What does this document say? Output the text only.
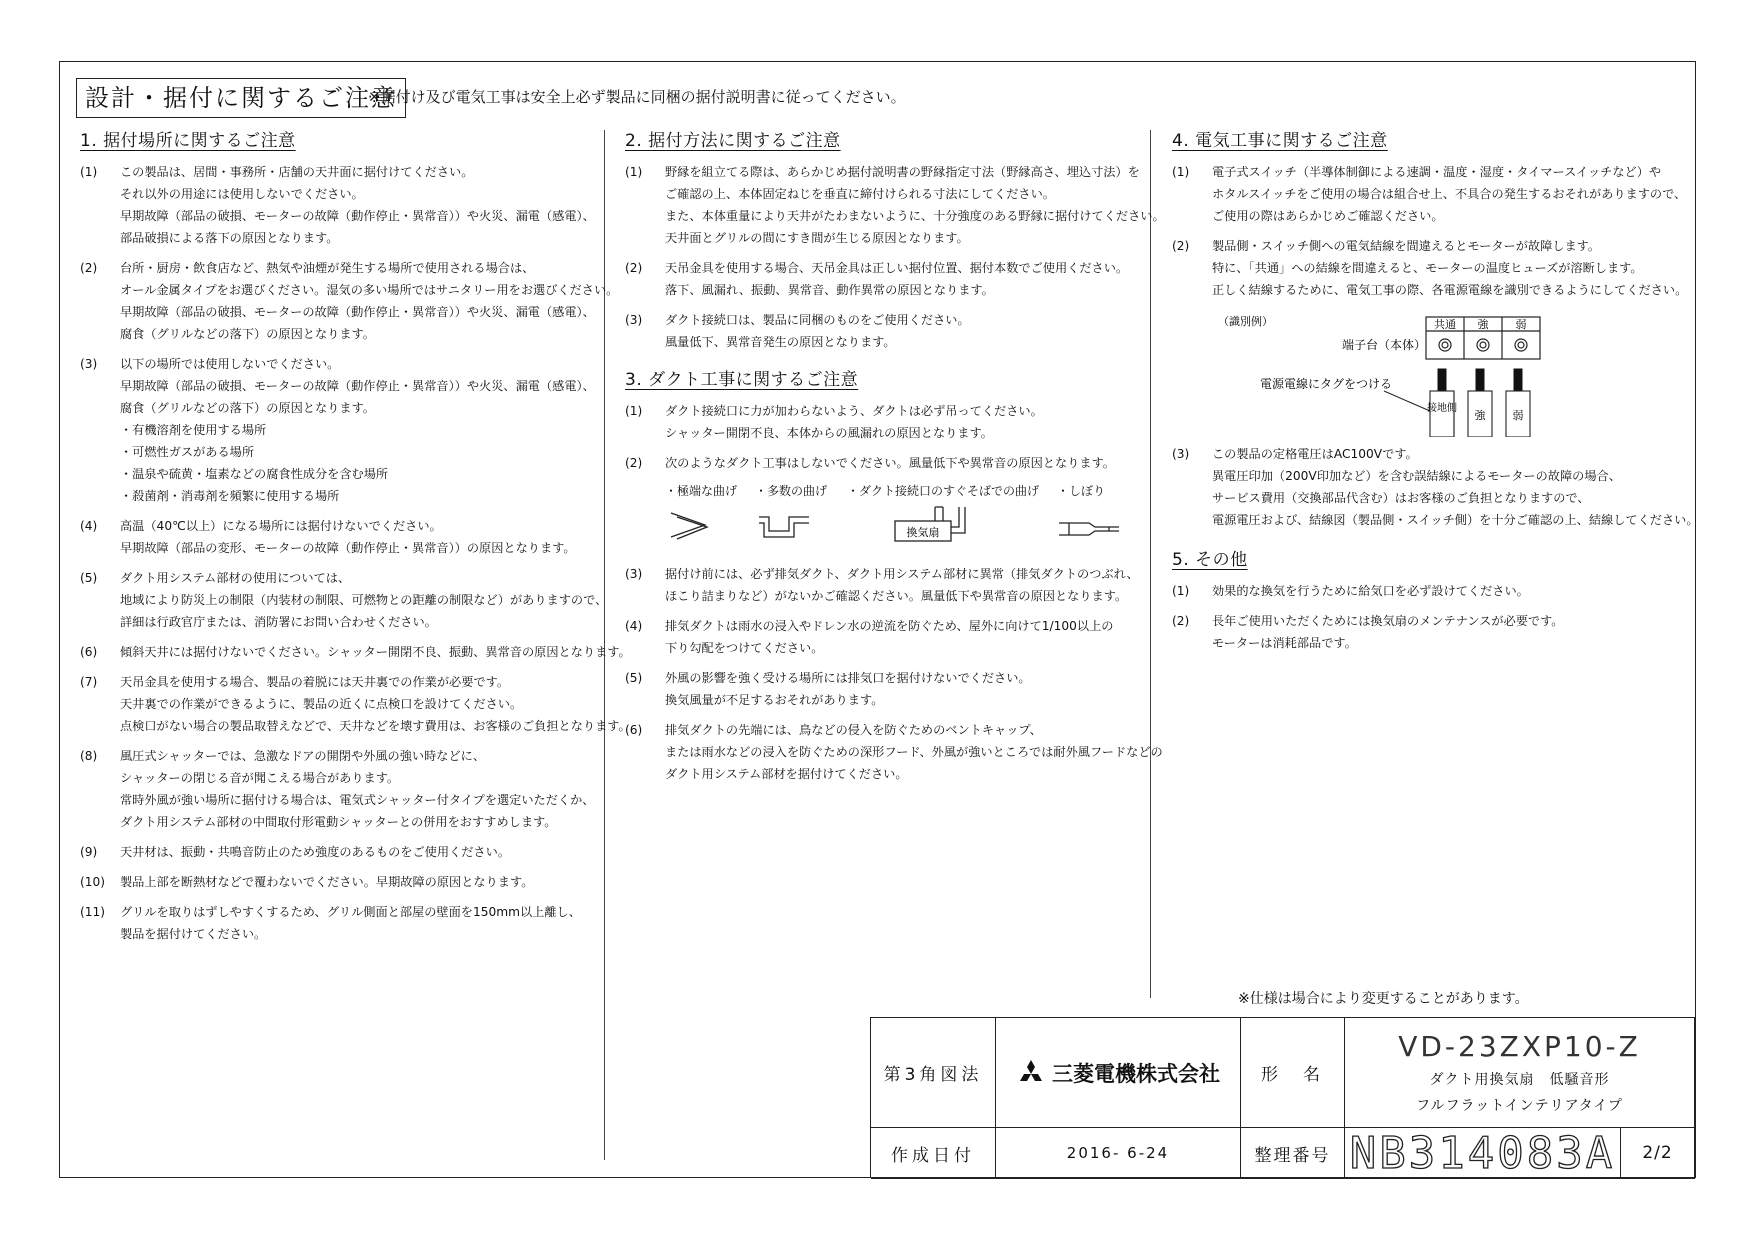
設計・据付に関するご注意
※据付け及び電気工事は安全上必ず製品に同梱の据付説明書に従ってください。
1. 据付場所に関するご注意
(1)	この製品は、居間・事務所・店舗の天井面に据付けてください。
それ以外の用途には使用しないでください。
早期故障（部品の破損、モーターの故障（動作停止・異常音））や火災、漏電（感電）、
部品破損による落下の原因となります。
(2)	台所・厨房・飲食店など、熱気や油煙が発生する場所で使用される場合は、
オール金属タイプをお選びください。湿気の多い場所ではサニタリー用をお選びください。
早期故障（部品の破損、モーターの故障（動作停止・異常音））や火災、漏電（感電）、
腐食（グリルなどの落下）の原因となります。
(3)	以下の場所では使用しないでください。
早期故障（部品の破損、モーターの故障（動作停止・異常音））や火災、漏電（感電）、
腐食（グリルなどの落下）の原因となります。
・有機溶剤を使用する場所
・可燃性ガスがある場所
・温泉や硫黄・塩素などの腐食性成分を含む場所
・殺菌剤・消毒剤を頻繁に使用する場所
(4)	高温（40℃以上）になる場所には据付けないでください。
早期故障（部品の変形、モーターの故障（動作停止・異常音））の原因となります。
(5)	ダクト用システム部材の使用については、
地域により防災上の制限（内装材の制限、可燃物との距離の制限など）がありますので、
詳細は行政官庁または、消防署にお問い合わせください。
(6)	傾斜天井には据付けないでください。シャッター開閉不良、振動、異常音の原因となります。
(7)	天吊金具を使用する場合、製品の着脱には天井裏での作業が必要です。
天井裏での作業ができるように、製品の近くに点検口を設けてください。
点検口がない場合の製品取替えなどで、天井などを壊す費用は、お客様のご負担となります。
(8)	風圧式シャッターでは、急激なドアの開閉や外風の強い時などに、
シャッターの閉じる音が聞こえる場合があります。
常時外風が強い場所に据付ける場合は、電気式シャッター付タイプを選定いただくか、
ダクト用システム部材の中間取付形電動シャッターとの併用をおすすめします。
(9)	天井材は、振動・共鳴音防止のため強度のあるものをご使用ください。
(10)	製品上部を断熱材などで覆わないでください。早期故障の原因となります。
(11)	グリルを取りはずしやすくするため、グリル側面と部屋の壁面を150mm以上離し、
製品を据付けてください。
2. 据付方法に関するご注意
(1)	野縁を組立てる際は、あらかじめ据付説明書の野縁指定寸法（野縁高さ、埋込寸法）を
ご確認の上、本体固定ねじを垂直に締付けられる寸法にしてください。
また、本体重量により天井がたわまないように、十分強度のある野縁に据付けてください。
天井面とグリルの間にすき間が生じる原因となります。
(2)	天吊金具を使用する場合、天吊金具は正しい据付位置、据付本数でご使用ください。
落下、風漏れ、振動、異常音、動作異常の原因となります。
(3)	ダクト接続口は、製品に同梱のものをご使用ください。
風量低下、異常音発生の原因となります。
3. ダクト工事に関するご注意
(1)	ダクト接続口に力が加わらないよう、ダクトは必ず吊ってください。
シャッター開閉不良、本体からの風漏れの原因となります。
(2)	次のようなダクト工事はしないでください。風量低下や異常音の原因となります。
・極端な曲げ	・多数の曲げ	・ダクト接続口のすぐそばでの曲げ	・しぼり
換気扇
(3)	据付け前には、必ず排気ダクト、ダクト用システム部材に異常（排気ダクトのつぶれ、
ほこり詰まりなど）がないかご確認ください。風量低下や異常音の原因となります。
(4)	排気ダクトは雨水の浸入やドレン水の逆流を防ぐため、屋外に向けて1/100以上の
下り勾配をつけてください。
(5)	外風の影響を強く受ける場所には排気口を据付けないでください。
換気風量が不足するおそれがあります。
(6)	排気ダクトの先端には、鳥などの侵入を防ぐためのベントキャップ、
または雨水などの浸入を防ぐための深形フード、外風が強いところでは耐外風フードなどの
ダクト用システム部材を据付けてください。
4. 電気工事に関するご注意
(1)	電子式スイッチ（半導体制御による速調・温度・湿度・タイマースイッチなど）や
ホタルスイッチをご使用の場合は組合せ上、不具合の発生するおそれがありますので、
ご使用の際はあらかじめご確認ください。
(2)	製品側・スイッチ側への電気結線を間違えるとモーターが故障します。
特に、「共通」への結線を間違えると、モーターの温度ヒューズが溶断します。
正しく結線するために、電気工事の際、各電源電線を識別できるようにしてください。
（識別例）
端子台（本体）
共通 強 弱
電源電線にタグをつける
接地側
強 弱
(3)	この製品の定格電圧はAC100Vです。
異電圧印加（200V印加など）を含む誤結線によるモーターの故障の場合、
サービス費用（交換部品代含む）はお客様のご負担となりますので、
電源電圧および、結線図（製品側・スイッチ側）を十分ご確認の上、結線してください。
5. その他
(1)	効果的な換気を行うために給気口を必ず設けてください。
(2)	長年ご使用いただくためには換気扇のメンテナンスが必要です。
モーターは消耗部品です。
※仕様は場合により変更することがあります。
第3角図法	三菱電機株式会社	形　名
VD-23ZXP10-Z
ダクト用換気扇　低騒音形
フルフラットインテリアタイプ
作成日付	2016- 6-24	整理番号 NB314083A	2/2
